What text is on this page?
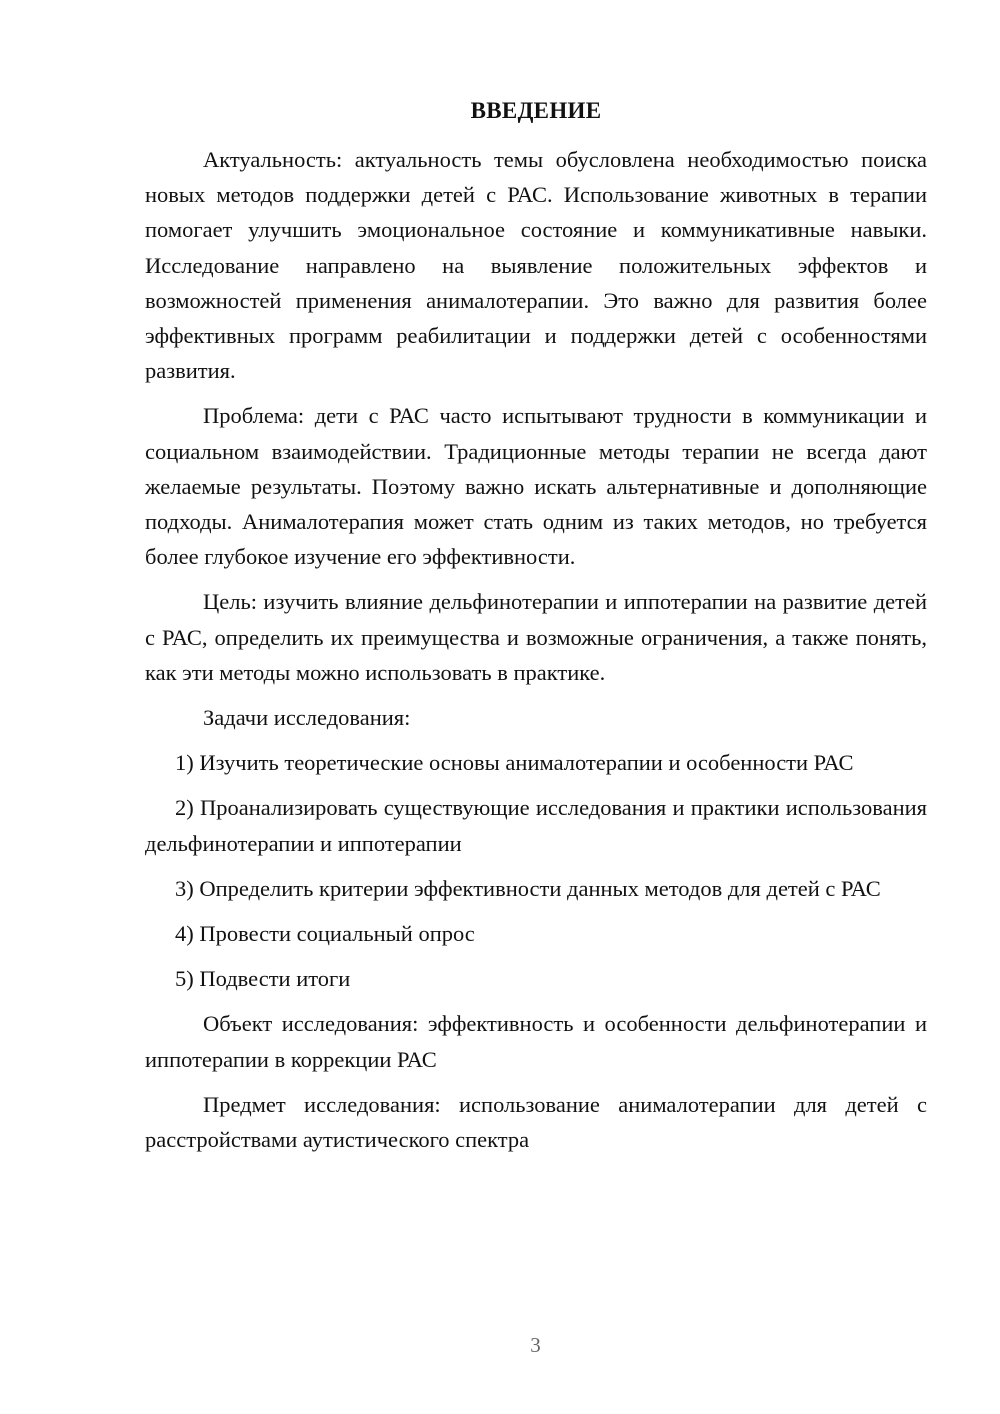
ВВЕДЕНИЕ

Актуальность: актуальность темы обусловлена необходимостью поиска новых методов поддержки детей с РАС. Использование животных в терапии помогает улучшить эмоциональное состояние и коммуникативные навыки. Исследование направлено на выявление положительных эффектов и возможностей применения анималотерапии. Это важно для развития более эффективных программ реабилитации и поддержки детей с особенностями развития.

Проблема: дети с РАС часто испытывают трудности в коммуникации и социальном взаимодействии. Традиционные методы терапии не всегда дают желаемые результаты. Поэтому важно искать альтернативные и дополняющие подходы. Анималотерапия может стать одним из таких методов, но требуется более глубокое изучение его эффективности.

Цель: изучить влияние дельфинотерапии и иппотерапии на развитие детей с РАС, определить их преимущества и возможные ограничения, а также понять, как эти методы можно использовать в практике.

Задачи исследования:

1) Изучить теоретические основы анималотерапии и особенности РАС

2) Проанализировать существующие исследования и практики использования дельфинотерапии и иппотерапии

3) Определить критерии эффективности данных методов для детей с РАС

4) Провести социальный опрос

5) Подвести итоги

Объект исследования: эффективность и особенности дельфинотерапии и иппотерапии в коррекции РАС

Предмет исследования: использование анималотерапии для детей с расстройствами аутистического спектра

3
